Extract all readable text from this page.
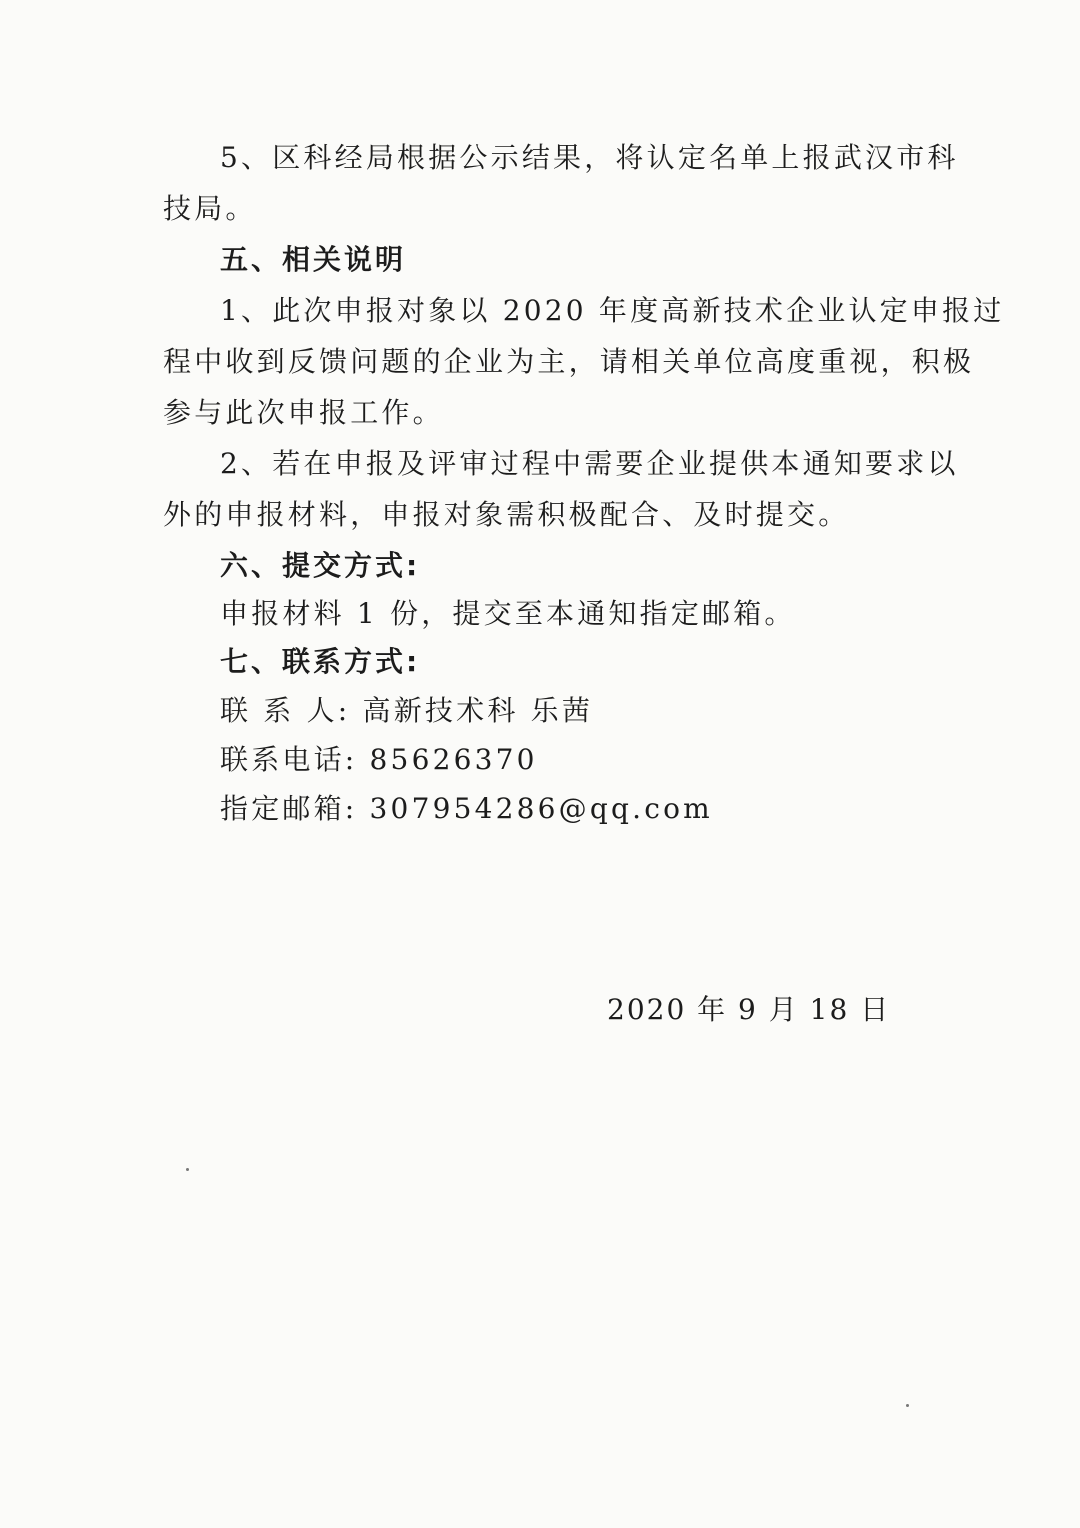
5、区科经局根据公示结果，将认定名单上报武汉市科
技局。
五、相关说明
1、此次申报对象以 2020 年度高新技术企业认定申报过
程中收到反馈问题的企业为主，请相关单位高度重视，积极
参与此次申报工作。
2、若在申报及评审过程中需要企业提供本通知要求以
外的申报材料，申报对象需积极配合、及时提交。
六、提交方式:
申报材料 1 份，提交至本通知指定邮箱。
七、联系方式:
联 系 人: 高新技术科 乐茜
联系电话: 85626370
指定邮箱: 307954286@qq.com
2020 年 9 月 18 日
